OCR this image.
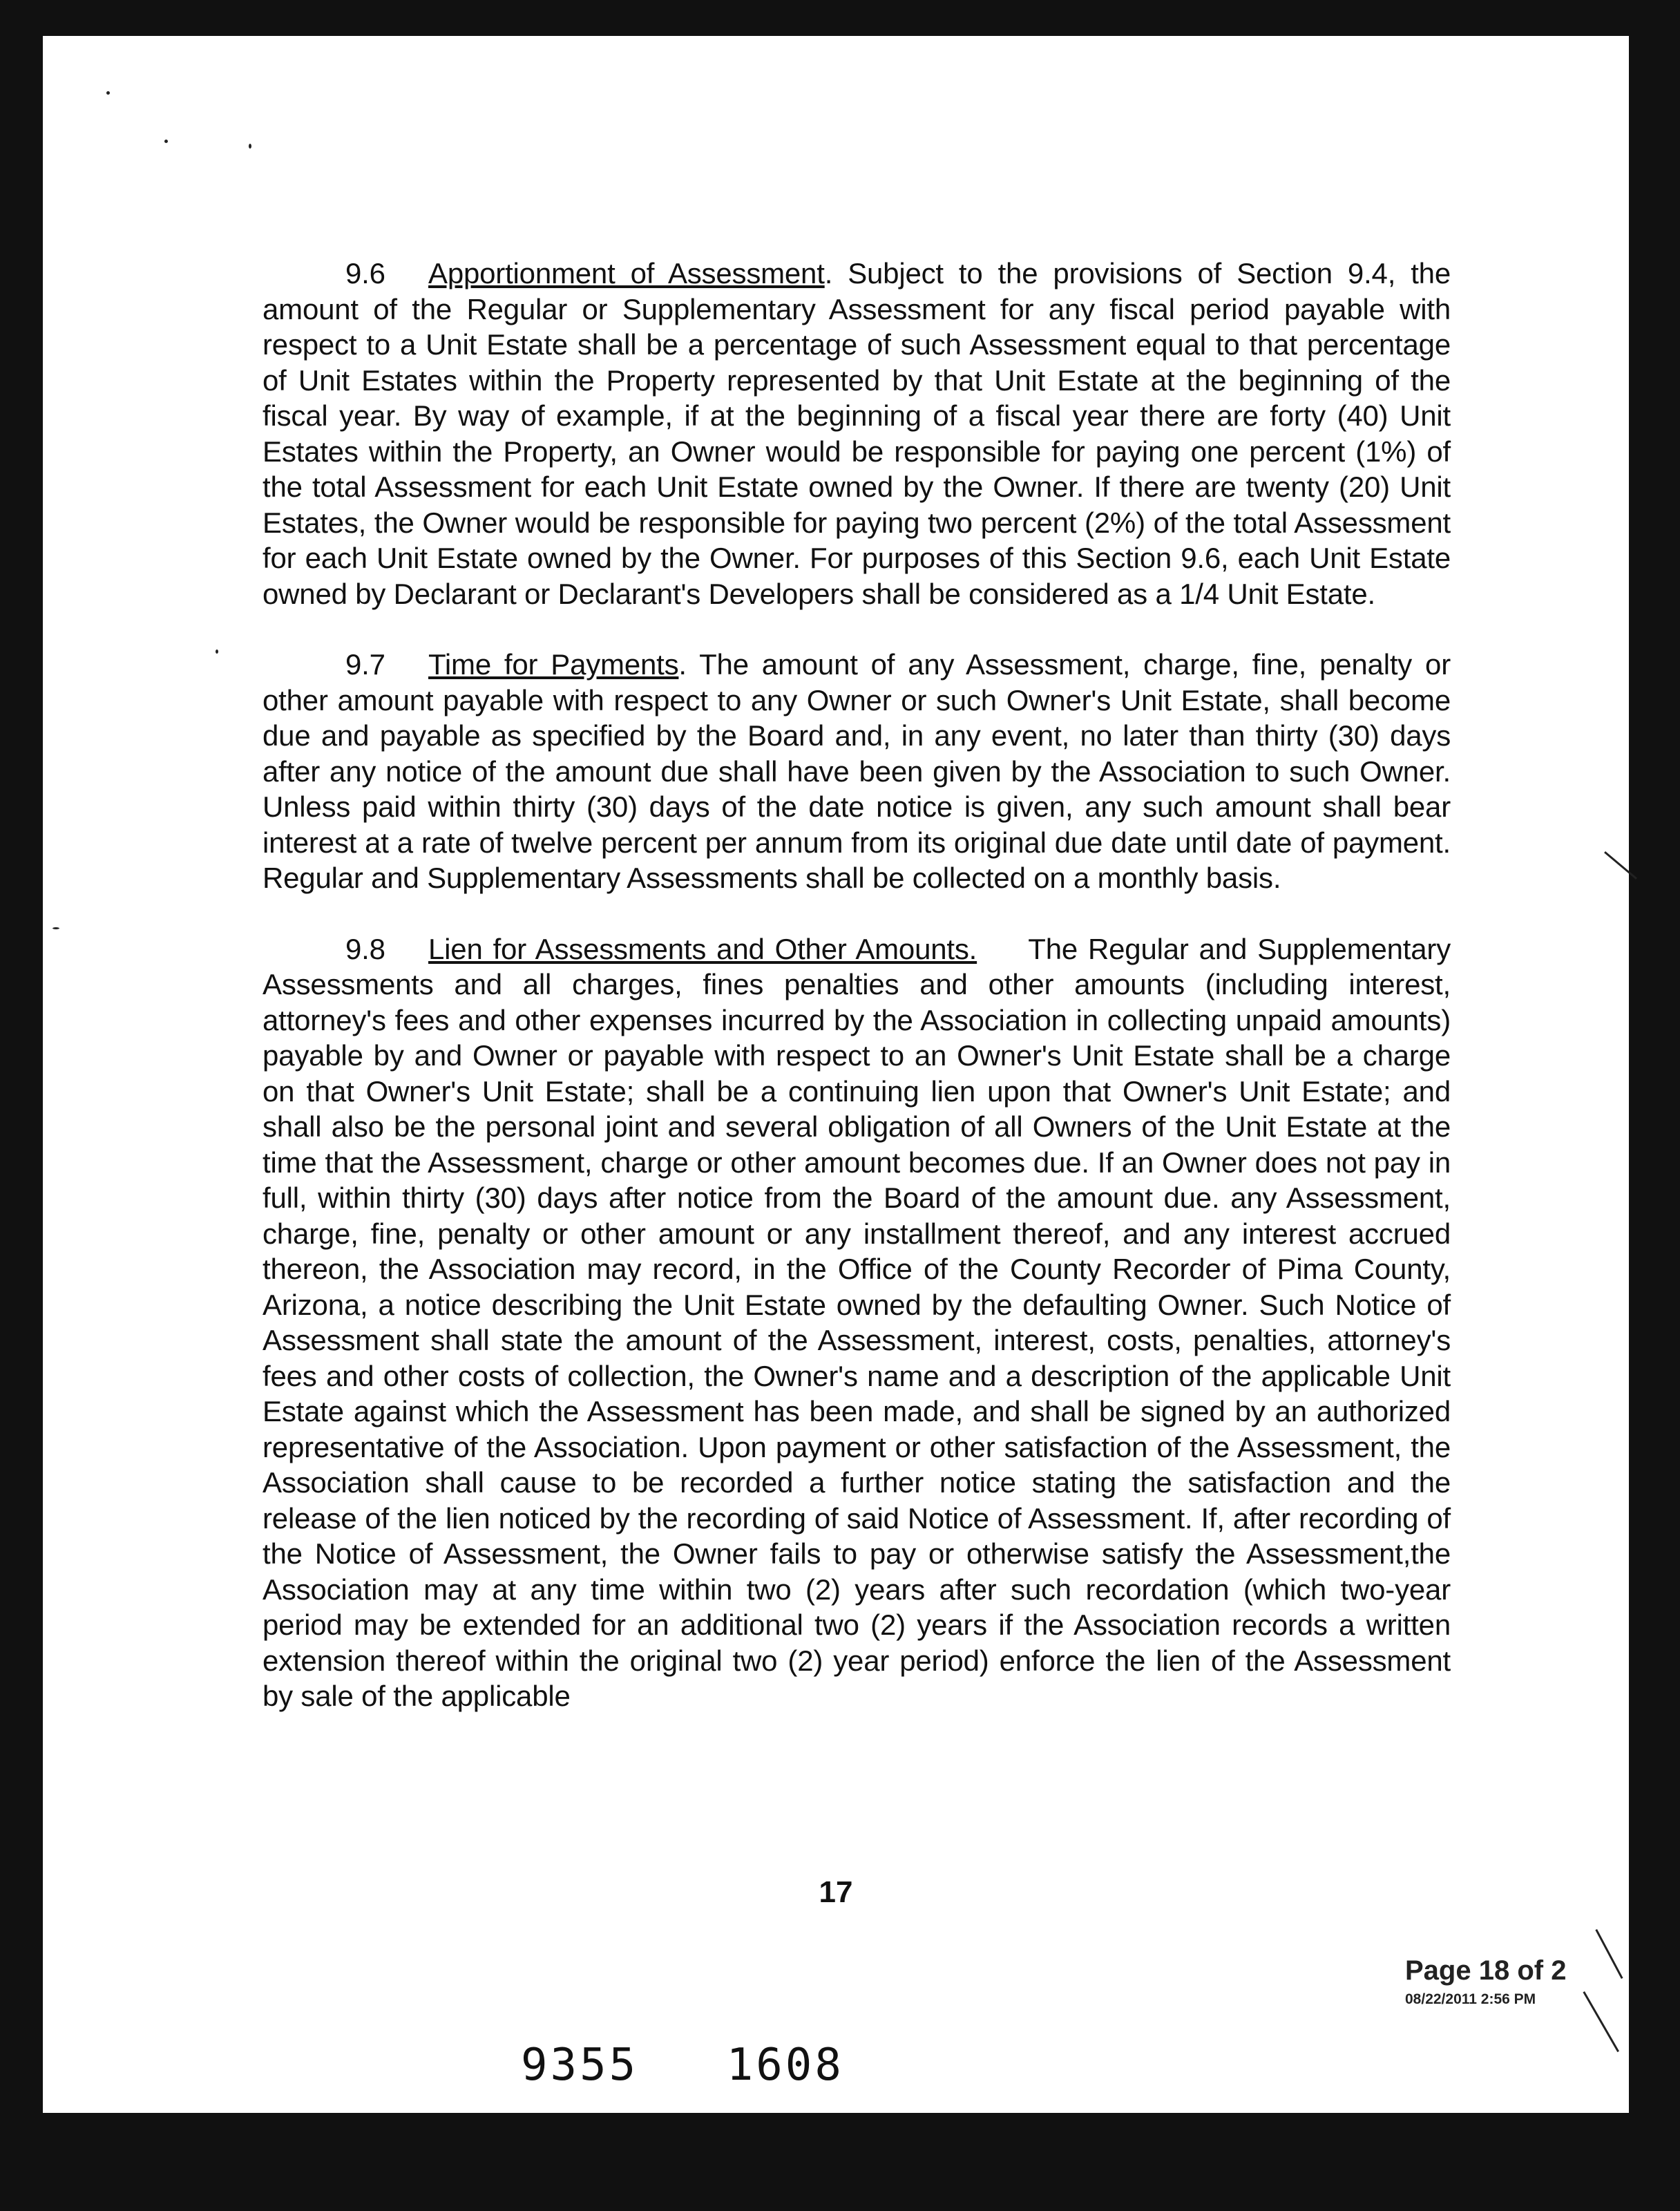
9.6 Apportionment of Assessment. Subject to the provisions of Section 9.4, the amount of the Regular or Supplementary Assessment for any fiscal period payable with respect to a Unit Estate shall be a percentage of such Assessment equal to that percentage of Unit Estates within the Property represented by that Unit Estate at the beginning of the fiscal year. By way of example, if at the beginning of a fiscal year there are forty (40) Unit Estates within the Property, an Owner would be responsible for paying one percent (1%) of the total Assessment for each Unit Estate owned by the Owner. If there are twenty (20) Unit Estates, the Owner would be responsible for paying two percent (2%) of the total Assessment for each Unit Estate owned by the Owner. For purposes of this Section 9.6, each Unit Estate owned by Declarant or Declarant's Developers shall be considered as a 1/4 Unit Estate.

9.7 Time for Payments. The amount of any Assessment, charge, fine, penalty or other amount payable with respect to any Owner or such Owner's Unit Estate, shall become due and payable as specified by the Board and, in any event, no later than thirty (30) days after any notice of the amount due shall have been given by the Association to such Owner. Unless paid within thirty (30) days of the date notice is given, any such amount shall bear interest at a rate of twelve percent per annum from its original due date until date of payment. Regular and Supplementary Assessments shall be collected on a monthly basis.

9.8 Lien for Assessments and Other Amounts.     The Regular and Supplementary Assessments and all charges, fines penalties and other amounts (including interest, attorney's fees and other expenses incurred by the Association in collecting unpaid amounts) payable by and Owner or payable with respect to an Owner's Unit Estate shall be a charge on that Owner's Unit Estate; shall be a continuing lien upon that Owner's Unit Estate; and shall also be the personal joint and several obligation of all Owners of the Unit Estate at the time that the Assessment, charge or other amount becomes due. If an Owner does not pay in full, within thirty (30) days after notice from the Board of the amount due. any Assessment, charge, fine, penalty or other amount or any installment thereof, and any interest accrued thereon, the Association may record, in the Office of the County Recorder of Pima County, Arizona, a notice describing the Unit Estate owned by the defaulting Owner. Such Notice of Assessment shall state the amount of the Assessment, interest, costs, penalties, attorney's fees and other costs of collection, the Owner's name and a description of the applicable Unit Estate against which the Assessment has been made, and shall be signed by an authorized representative of the Association. Upon payment or other satisfaction of the Assessment, the Association shall cause to be recorded a further notice stating the satisfaction and the release of the lien noticed by the recording of said Notice of Assessment. If, after recording of the Notice of Assessment, the Owner fails to pay or otherwise satisfy the Assessment,the Association may at any time within two (2) years after such recordation (which two-year period may be extended for an additional two (2) years if the Association records a written extension thereof within the original two (2) year period) enforce the lien of the Assessment by sale of the applicable

17
Page 18 of 2
08/22/2011 2:56 PM
9355   1608
